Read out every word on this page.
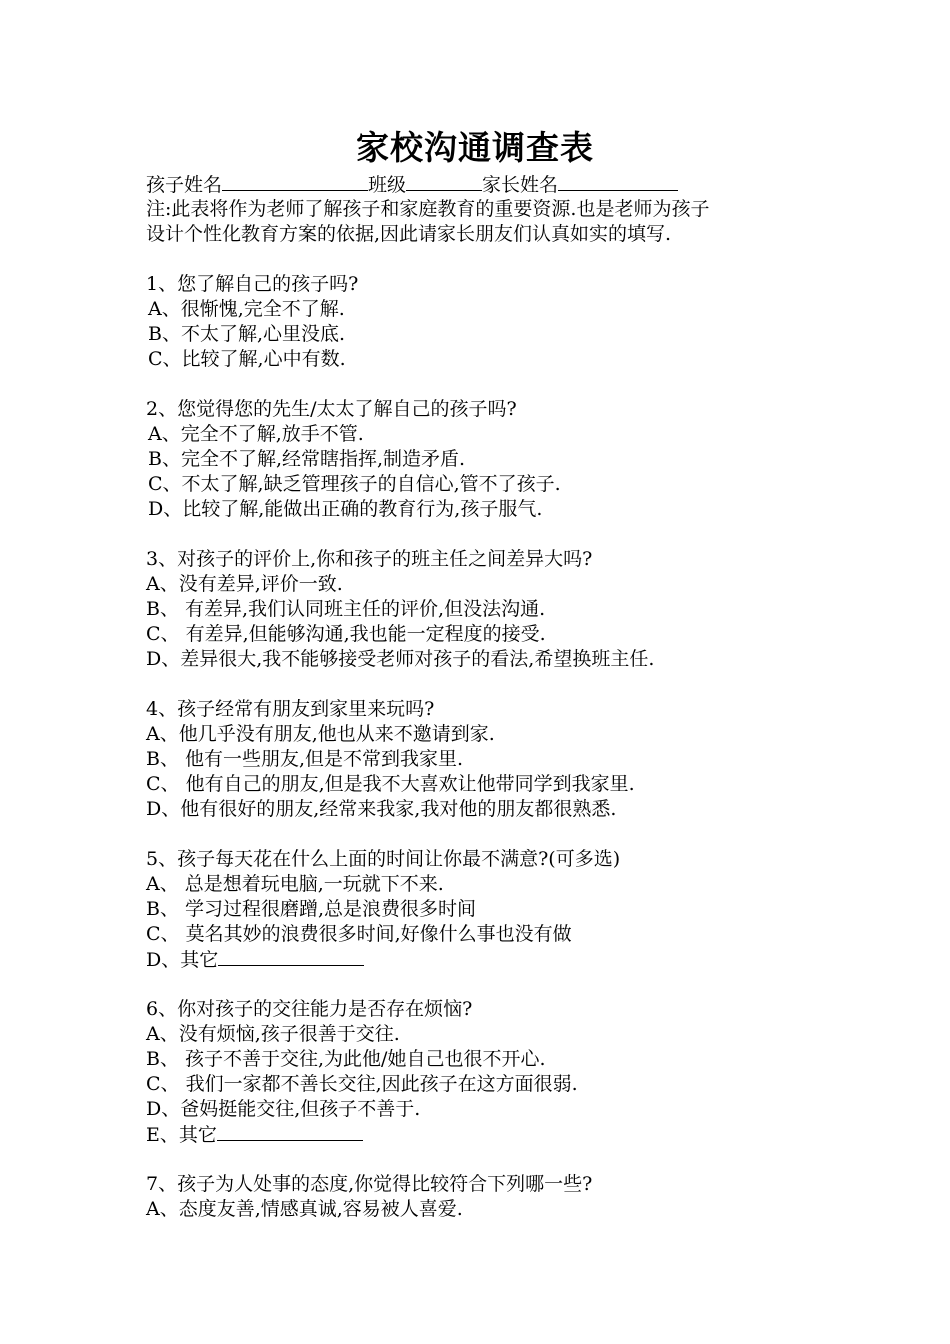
家校沟通调查表
孩子姓名	班级	家长姓名
注:此表将作为老师了解孩子和家庭教育的重要资源.也是老师为孩子
设计个性化教育方案的依据,因此请家长朋友们认真如实的填写.
1、您了解自己的孩子吗?
A、很惭愧,完全不了解.
B、不太了解,心里没底.
C、比较了解,心中有数.
2、您觉得您的先生/太太了解自己的孩子吗?
A、完全不了解,放手不管.
B、完全不了解,经常瞎指挥,制造矛盾.
C、不太了解,缺乏管理孩子的自信心,管不了孩子.
D、比较了解,能做出正确的教育行为,孩子服气.
3、对孩子的评价上,你和孩子的班主任之间差异大吗?
A、没有差异,评价一致.
B、 有差异,我们认同班主任的评价,但没法沟通.
C、 有差异,但能够沟通,我也能一定程度的接受.
D、差异很大,我不能够接受老师对孩子的看法,希望换班主任.
4、孩子经常有朋友到家里来玩吗?
A、他几乎没有朋友,他也从来不邀请到家.
B、 他有一些朋友,但是不常到我家里.
C、 他有自己的朋友,但是我不大喜欢让他带同学到我家里.
D、他有很好的朋友,经常来我家,我对他的朋友都很熟悉.
5、孩子每天花在什么上面的时间让你最不满意?(可多选)
A、 总是想着玩电脑,一玩就下不来.
B、 学习过程很磨蹭,总是浪费很多时间
C、 莫名其妙的浪费很多时间,好像什么事也没有做
D、其它
6、你对孩子的交往能力是否存在烦恼?
A、没有烦恼,孩子很善于交往.
B、 孩子不善于交往,为此他/她自己也很不开心.
C、 我们一家都不善长交往,因此孩子在这方面很弱.
D、爸妈挺能交往,但孩子不善于.
E、其它
7、孩子为人处事的态度,你觉得比较符合下列哪一些?
A、态度友善,情感真诚,容易被人喜爱.
